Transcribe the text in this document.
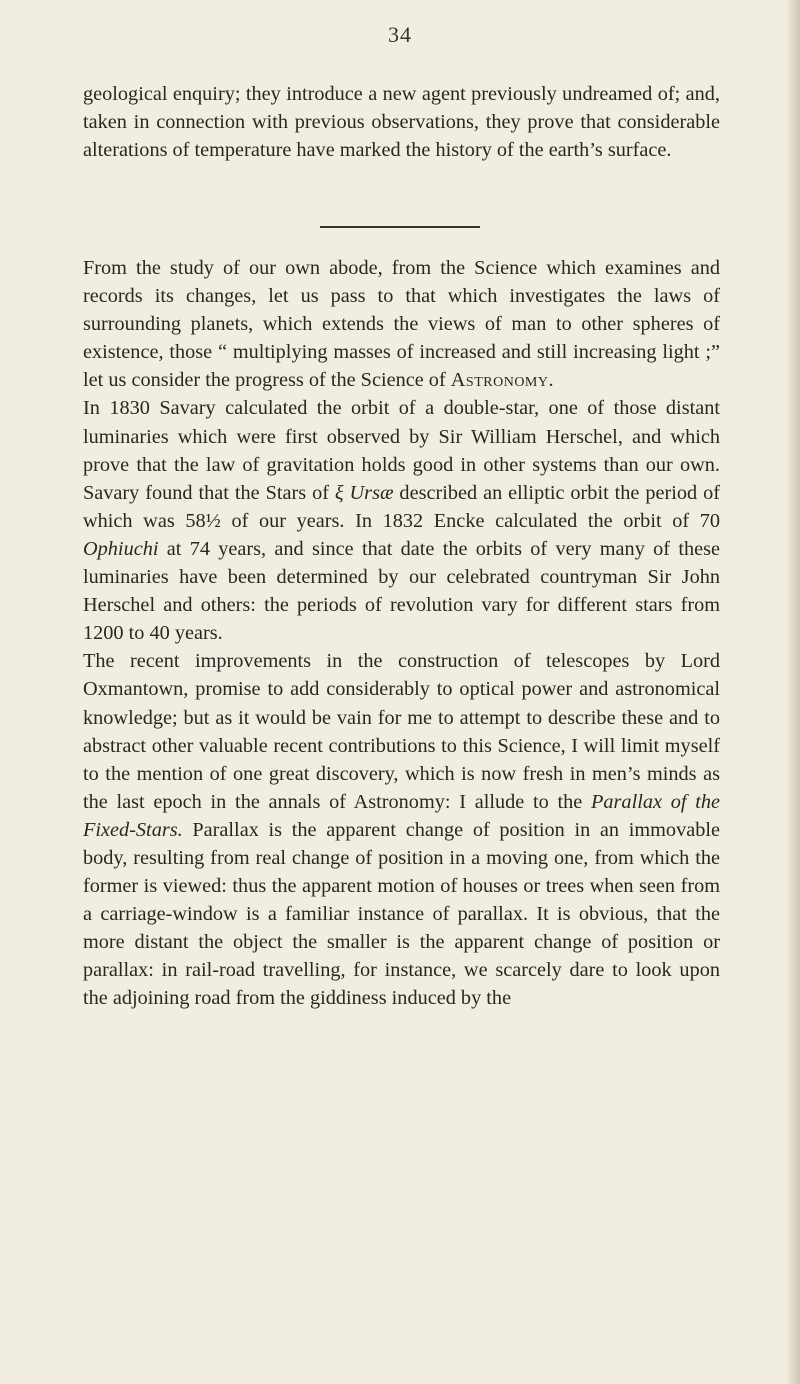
34

geological enquiry; they introduce a new agent previously undreamed of; and, taken in connection with previous observations, they prove that considerable alterations of temperature have marked the history of the earth’s surface.

From the study of our own abode, from the Science which examines and records its changes, let us pass to that which investigates the laws of surrounding planets, which extends the views of man to other spheres of existence, those “ multiplying masses of increased and still increasing light ;” let us consider the progress of the Science of Astronomy.

In 1830 Savary calculated the orbit of a double-star, one of those distant luminaries which were first observed by Sir William Herschel, and which prove that the law of gravitation holds good in other systems than our own. Savary found that the Stars of ξ Ursæ described an elliptic orbit the period of which was 58½ of our years. In 1832 Encke calculated the orbit of 70 Ophiuchi at 74 years, and since that date the orbits of very many of these luminaries have been determined by our celebrated countryman Sir John Herschel and others: the periods of revolution vary for different stars from 1200 to 40 years.

The recent improvements in the construction of telescopes by Lord Oxmantown, promise to add considerably to optical power and astronomical knowledge; but as it would be vain for me to attempt to describe these and to abstract other valuable recent contributions to this Science, I will limit myself to the mention of one great discovery, which is now fresh in men’s minds as the last epoch in the annals of Astronomy: I allude to the Parallax of the Fixed-Stars. Parallax is the apparent change of position in an immovable body, resulting from real change of position in a moving one, from which the former is viewed: thus the apparent motion of houses or trees when seen from a carriage-window is a familiar instance of parallax. It is obvious, that the more distant the object the smaller is the apparent change of position or parallax: in rail-road travelling, for instance, we scarcely dare to look upon the adjoining road from the giddiness induced by the
